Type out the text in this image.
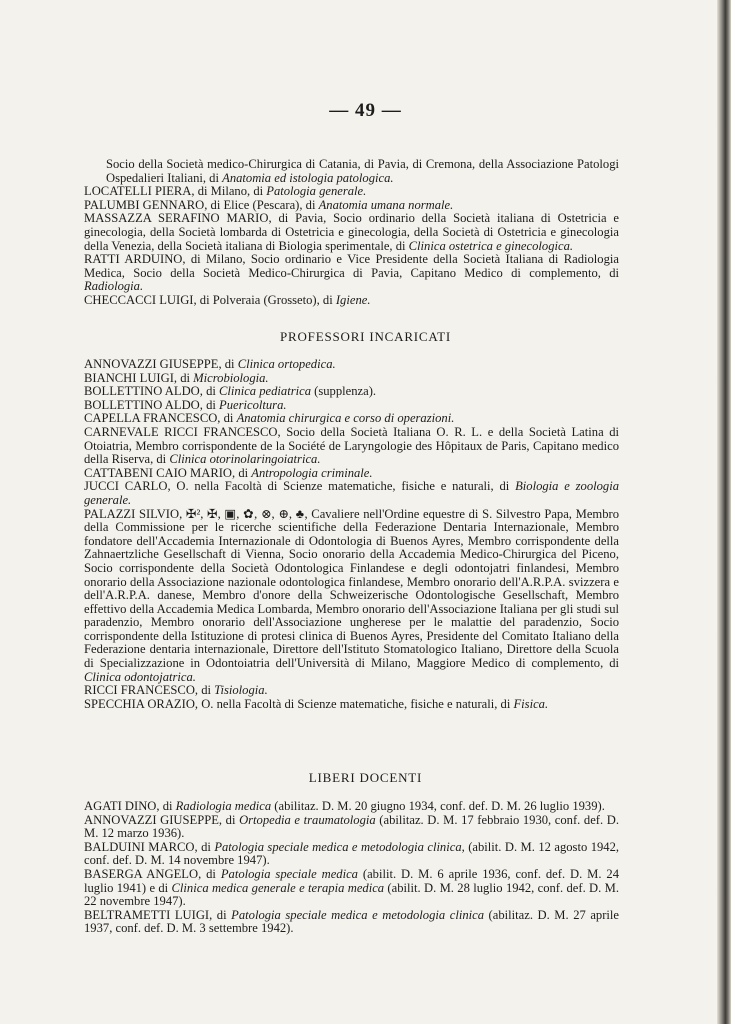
— 49 —

Socio della Società medico-Chirurgica di Catania, di Pavia, di Cremona, della Associazione Patologi Ospedalieri Italiani, di Anatomia ed istologia patologica.

LOCATELLI PIERA, di Milano, di Patologia generale.

PALUMBI GENNARO, di Elice (Pescara), di Anatomia umana normale.

MASSAZZA SERAFINO MARIO, di Pavia, Socio ordinario della Società italiana di Ostetricia e ginecologia, della Società lombarda di Ostetricia e ginecologia, della Società di Ostetricia e ginecologia della Venezia, della Società italiana di Biologia sperimentale, di Clinica ostetrica e ginecologica.

RATTI ARDUINO, di Milano, Socio ordinario e Vice Presidente della Società Italiana di Radiologia Medica, Socio della Società Medico-Chirurgica di Pavia, Capitano Medico di complemento, di Radiologia.

CHECCACCI LUIGI, di Polveraia (Grosseto), di Igiene.

PROFESSORI INCARICATI

ANNOVAZZI GIUSEPPE, di Clinica ortopedica.

BIANCHI LUIGI, di Microbiologia.

BOLLETTINO ALDO, di Clinica pediatrica (supplenza).

BOLLETTINO ALDO, di Puericoltura.

CAPELLA FRANCESCO, di Anatomia chirurgica e corso di operazioni.

CARNEVALE RICCI FRANCESCO, Socio della Società Italiana O. R. L. e della Società Latina di Otoiatria, Membro corrispondente de la Société de Laryngologie des Hôpitaux de Paris, Capitano medico della Riserva, di Clinica otorinolaringoiatrica.

CATTABENI CAIO MARIO, di Antropologia criminale.

JUCCI CARLO, O. nella Facoltà di Scienze matematiche, fisiche e naturali, di Biologia e zoologia generale.

PALAZZI SILVIO, ✠², ✠, ▣, ✿, ⊗, ⊕, ♣, Cavaliere nell'Ordine equestre di S. Silvestro Papa, Membro della Commissione per le ricerche scientifiche della Federazione Dentaria Internazionale, Membro fondatore dell'Accademia Internazionale di Odontologia di Buenos Ayres, Membro corrispondente della Zahnaertzliche Gesellschaft di Vienna, Socio onorario della Accademia Medico-Chirurgica del Piceno, Socio corrispondente della Società Odontologica Finlandese e degli odontojatri finlandesi, Membro onorario della Associazione nazionale odontologica finlandese, Membro onorario dell'A.R.P.A. svizzera e dell'A.R.P.A. danese, Membro d'onore della Schweizerische Odontologische Gesellschaft, Membro effettivo della Accademia Medica Lombarda, Membro onorario dell'Associazione Italiana per gli studi sul paradenzio, Membro onorario dell'Associazione ungherese per le malattie del paradenzio, Socio corrispondente della Istituzione di protesi clinica di Buenos Ayres, Presidente del Comitato Italiano della Federazione dentaria internazionale, Direttore dell'Istituto Stomatologico Italiano, Direttore della Scuola di Specializzazione in Odontoiatria dell'Università di Milano, Maggiore Medico di complemento, di Clinica odontojatrica.

RICCI FRANCESCO, di Tisiologia.

SPECCHIA ORAZIO, O. nella Facoltà di Scienze matematiche, fisiche e naturali, di Fisica.

LIBERI DOCENTI

AGATI DINO, di Radiologia medica (abilitaz. D. M. 20 giugno 1934, conf. def. D. M. 26 luglio 1939).

ANNOVAZZI GIUSEPPE, di Ortopedia e traumatologia (abilitaz. D. M. 17 febbraio 1930, conf. def. D. M. 12 marzo 1936).

BALDUINI MARCO, di Patologia speciale medica e metodologia clinica, (abilit. D. M. 12 agosto 1942, conf. def. D. M. 14 novembre 1947).

BASERGA ANGELO, di Patologia speciale medica (abilit. D. M. 6 aprile 1936, conf. def. D. M. 24 luglio 1941) e di Clinica medica generale e terapia medica (abilit. D. M. 28 luglio 1942, conf. def. D. M. 22 novembre 1947).

BELTRAMETTI LUIGI, di Patologia speciale medica e metodologia clinica (abilitaz. D. M. 27 aprile 1937, conf. def. D. M. 3 settembre 1942).
